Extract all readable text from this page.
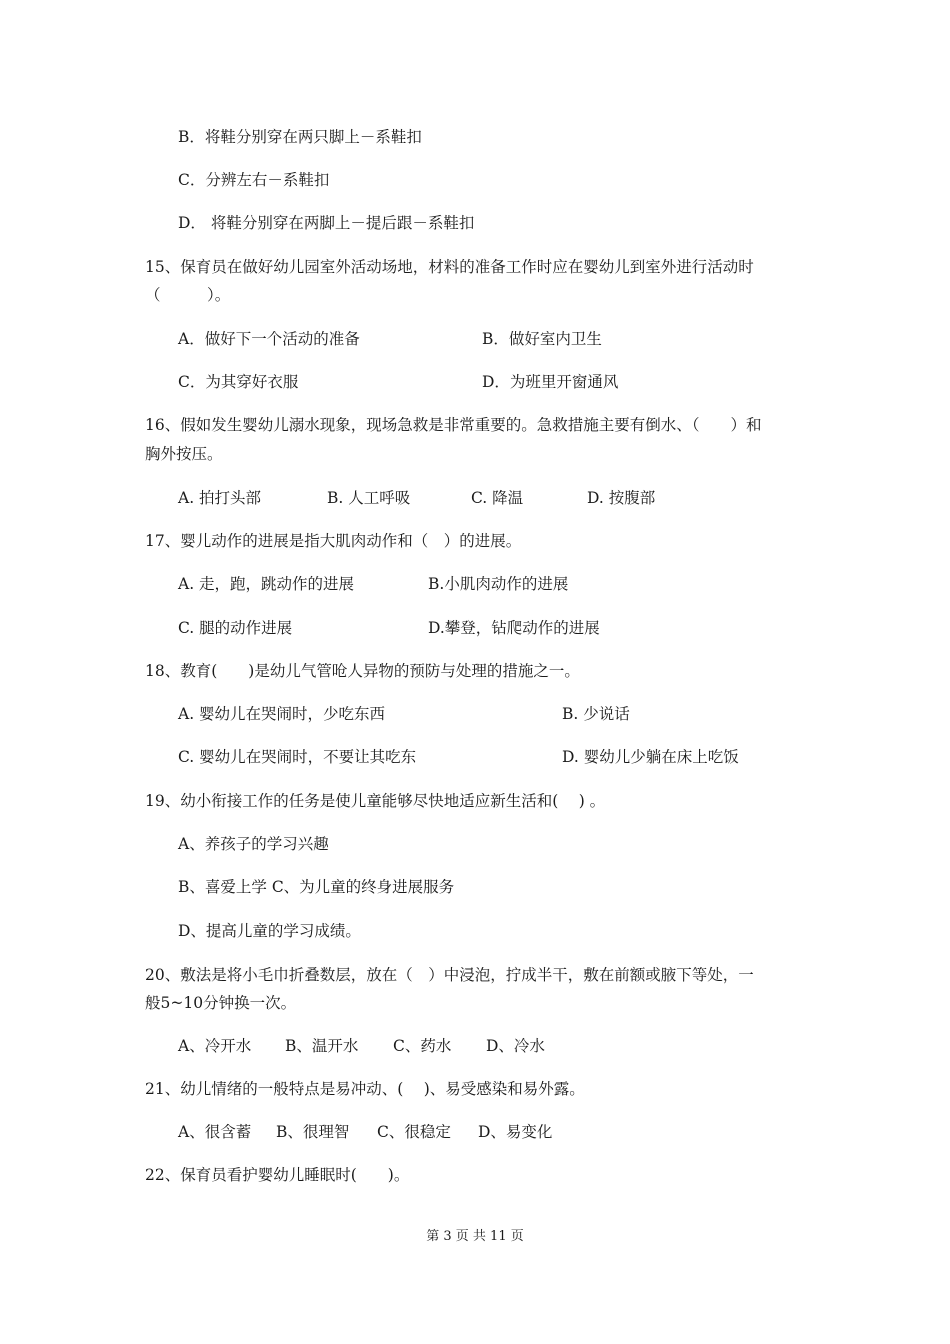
B．将鞋分别穿在两只脚上－系鞋扣
C．分辨左右－系鞋扣
D． 将鞋分别穿在两脚上－提后跟－系鞋扣
15、保育员在做好幼儿园室外活动场地，材料的准备工作时应在婴幼儿到室外进行活动时
（　　　）。
A．做好下一个活动的准备	B．做好室内卫生
C．为其穿好衣服	D．为班里开窗通风
16、假如发生婴幼儿溺水现象，现场急救是非常重要的。急救措施主要有倒水、（　　）和
胸外按压。
A. 拍打头部	B. 人工呼吸	C. 降温	D. 按腹部
17、婴儿动作的进展是指大肌肉动作和（　）的进展。
A. 走，跑，跳动作的进展	B.小肌肉动作的进展
C. 腿的动作进展	D.攀登，钻爬动作的进展
18、教育(　　)是幼儿气管呛人异物的预防与处理的措施之一。
A. 婴幼儿在哭闹时，少吃东西	B. 少说话
C. 婴幼儿在哭闹时，不要让其吃东	D. 婴幼儿少躺在床上吃饭
19、幼小衔接工作的任务是使儿童能够尽快地适应新生活和(　 ) 。
A、养孩子的学习兴趣
B、喜爱上学 C、为儿童的终身进展服务
D、提高儿童的学习成绩。
20、敷法是将小毛巾折叠数层，放在（　）中浸泡，拧成半干，敷在前额或腋下等处，一
般5~10分钟换一次。
A、冷开水 B、温开水 C、药水 D、冷水
21、幼儿情绪的一般特点是易冲动、(　 )、易受感染和易外露。
A、很含蓄 B、很理智 C、很稳定 D、易变化
22、保育员看护婴幼儿睡眠时(　　)。
第 3 页 共 11 页
